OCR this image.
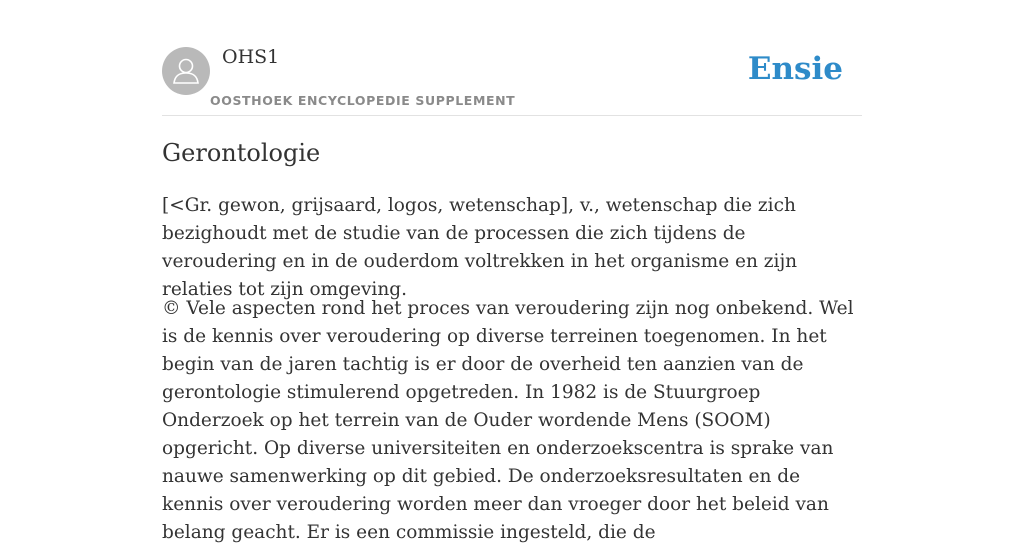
OHS1
OOSTHOEK ENCYCLOPEDIE SUPPLEMENT
Ensie
Gerontologie

[<Gr. gewon, grijsaard, logos, wetenschap], v., wetenschap die zich bezighoudt met de studie van de processen die zich tijdens de veroudering en in de ouderdom voltrekken in het organisme en zijn relaties tot zijn omgeving.

© Vele aspecten rond het proces van veroudering zijn nog onbekend. Wel is de kennis over veroudering op diverse terreinen toegenomen. In het begin van de jaren tachtig is er door de overheid ten aanzien van de gerontologie stimulerend opgetreden. In 1982 is de Stuurgroep Onderzoek op het terrein van de Ouder wordende Mens (SOOM) opgericht. Op diverse universiteiten en onderzoekscentra is sprake van nauwe samenwerking op dit gebied. De onderzoeksresultaten en de kennis over veroudering worden meer dan vroeger door het beleid van belang geacht. Er is een commissie ingesteld, die de
